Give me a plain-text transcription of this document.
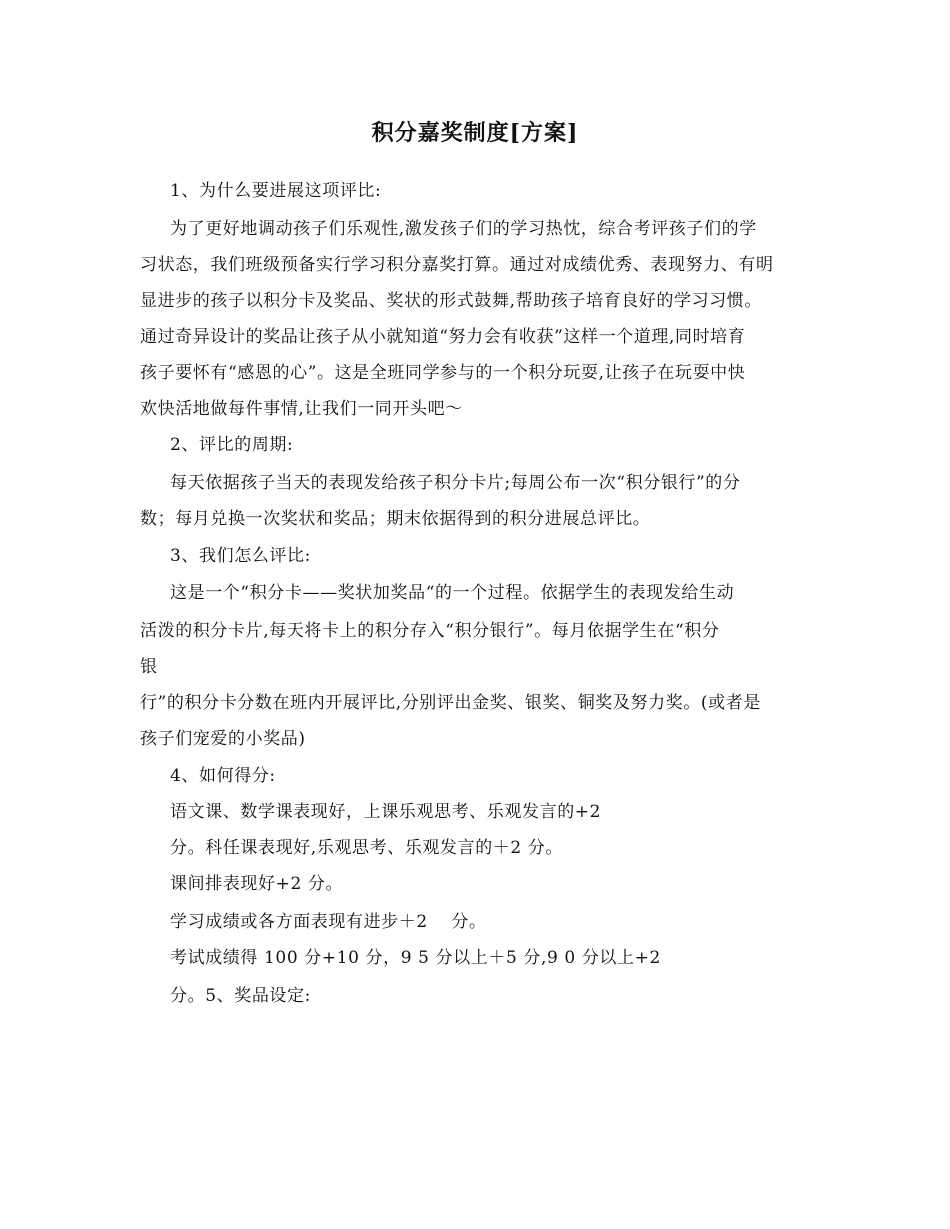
积分嘉奖制度[方案]
1、为什么要进展这项评比:
为了更好地调动孩子们乐观性,激发孩子们的学习热忱，综合考评孩子们的学
习状态，我们班级预备实行学习积分嘉奖打算。通过对成绩优秀、表现努力、有明
显进步的孩子以积分卡及奖品、奖状的形式鼓舞,帮助孩子培育良好的学习习惯。
通过奇异设计的奖品让孩子从小就知道“努力会有收获”这样一个道理,同时培育
孩子要怀有“感恩的心”。这是全班同学参与的一个积分玩耍,让孩子在玩耍中快
欢快活地做每件事情,让我们一同开头吧～
2、评比的周期:
每天依据孩子当天的表现发给孩子积分卡片;每周公布一次“积分银行”的分
数；每月兑换一次奖状和奖品；期末依据得到的积分进展总评比。
3、我们怎么评比:
这是一个“积分卡——奖状加奖品“的一个过程。依据学生的表现发给生动
活泼的积分卡片,每天将卡上的积分存入“积分银行”。每月依据学生在“积分
银
行”的积分卡分数在班内开展评比,分别评出金奖、银奖、铜奖及努力奖。(或者是
孩子们宠爱的小奖品)
4、如何得分:
语文课、数学课表现好，上课乐观思考、乐观发言的+2
分。科任课表现好,乐观思考、乐观发言的＋2 分。
课间排表现好+2 分。
学习成绩或各方面表现有进步＋2　 分。
考试成绩得 100 分+10 分，9 5 分以上＋5 分,9 0 分以上+2
分。5、奖品设定:
